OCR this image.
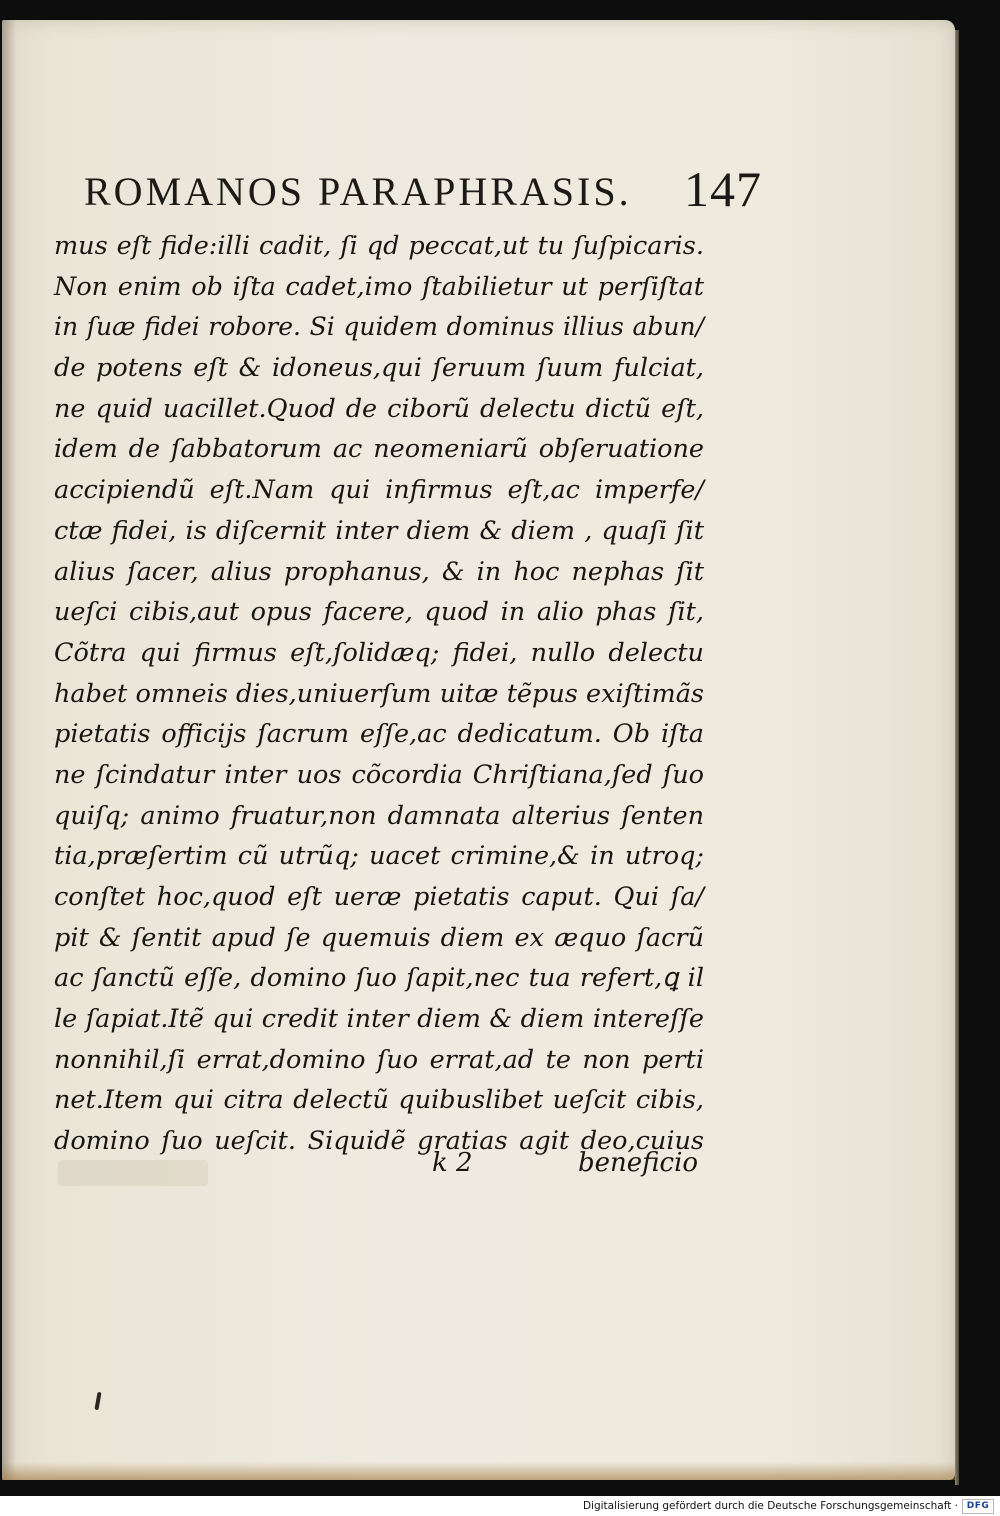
ROMANOS PARAPHRASIS. 147
mus eſt fide:illi cadit, ſi qd peccat,ut tu ſuſpicaris.
Non enim ob iſta cadet,imo ſtabilietur ut perſiſtat
in ſuæ fidei robore. Si quidem dominus illius abun/
de potens eſt & idoneus,qui ſeruum ſuum fulciat,
ne quid uacillet.Quod de ciborũ delectu dictũ eſt,
idem de ſabbatorum ac neomeniarũ obſeruatione
accipiendũ eſt.Nam qui infirmus eſt,ac imperfe/
ctæ fidei, is diſcernit inter diem & diem , quaſi ſit
alius ſacer, alius prophanus, & in hoc nephas ſit
ueſci cibis,aut opus facere, quod in alio phas ſit,
Cõtra qui firmus eſt,ſolidæq; fidei, nullo delectu
habet omneis dies,uniuerſum uitæ tẽpus exiſtimãs
pietatis officijs ſacrum eſſe,ac dedicatum. Ob iſta
ne ſcindatur inter uos cõcordia Chriſtiana,ſed ſuo
quiſq; animo fruatur,non damnata alterius ſenten
tia,præſertim cũ utrũq; uacet crimine,& in utroq;
conſtet hoc,quod eſt ueræ pietatis caput. Qui ſa/
pit & ſentit apud ſe quemuis diem ex æquo ſacrũ
ac ſanctũ eſſe, domino ſuo ſapit,nec tua refert,ꝗ il
le ſapiat.Itẽ qui credit inter diem & diem intereſſe
nonnihil,ſi errat,domino ſuo errat,ad te non perti
net.Item qui citra delectũ quibuslibet ueſcit cibis,
domino ſuo ueſcit. Siquidẽ gratias agit deo,cuius
k 2	beneficio
Digitalisierung gefördert durch die Deutsche Forschungsgemeinschaft · DFG
